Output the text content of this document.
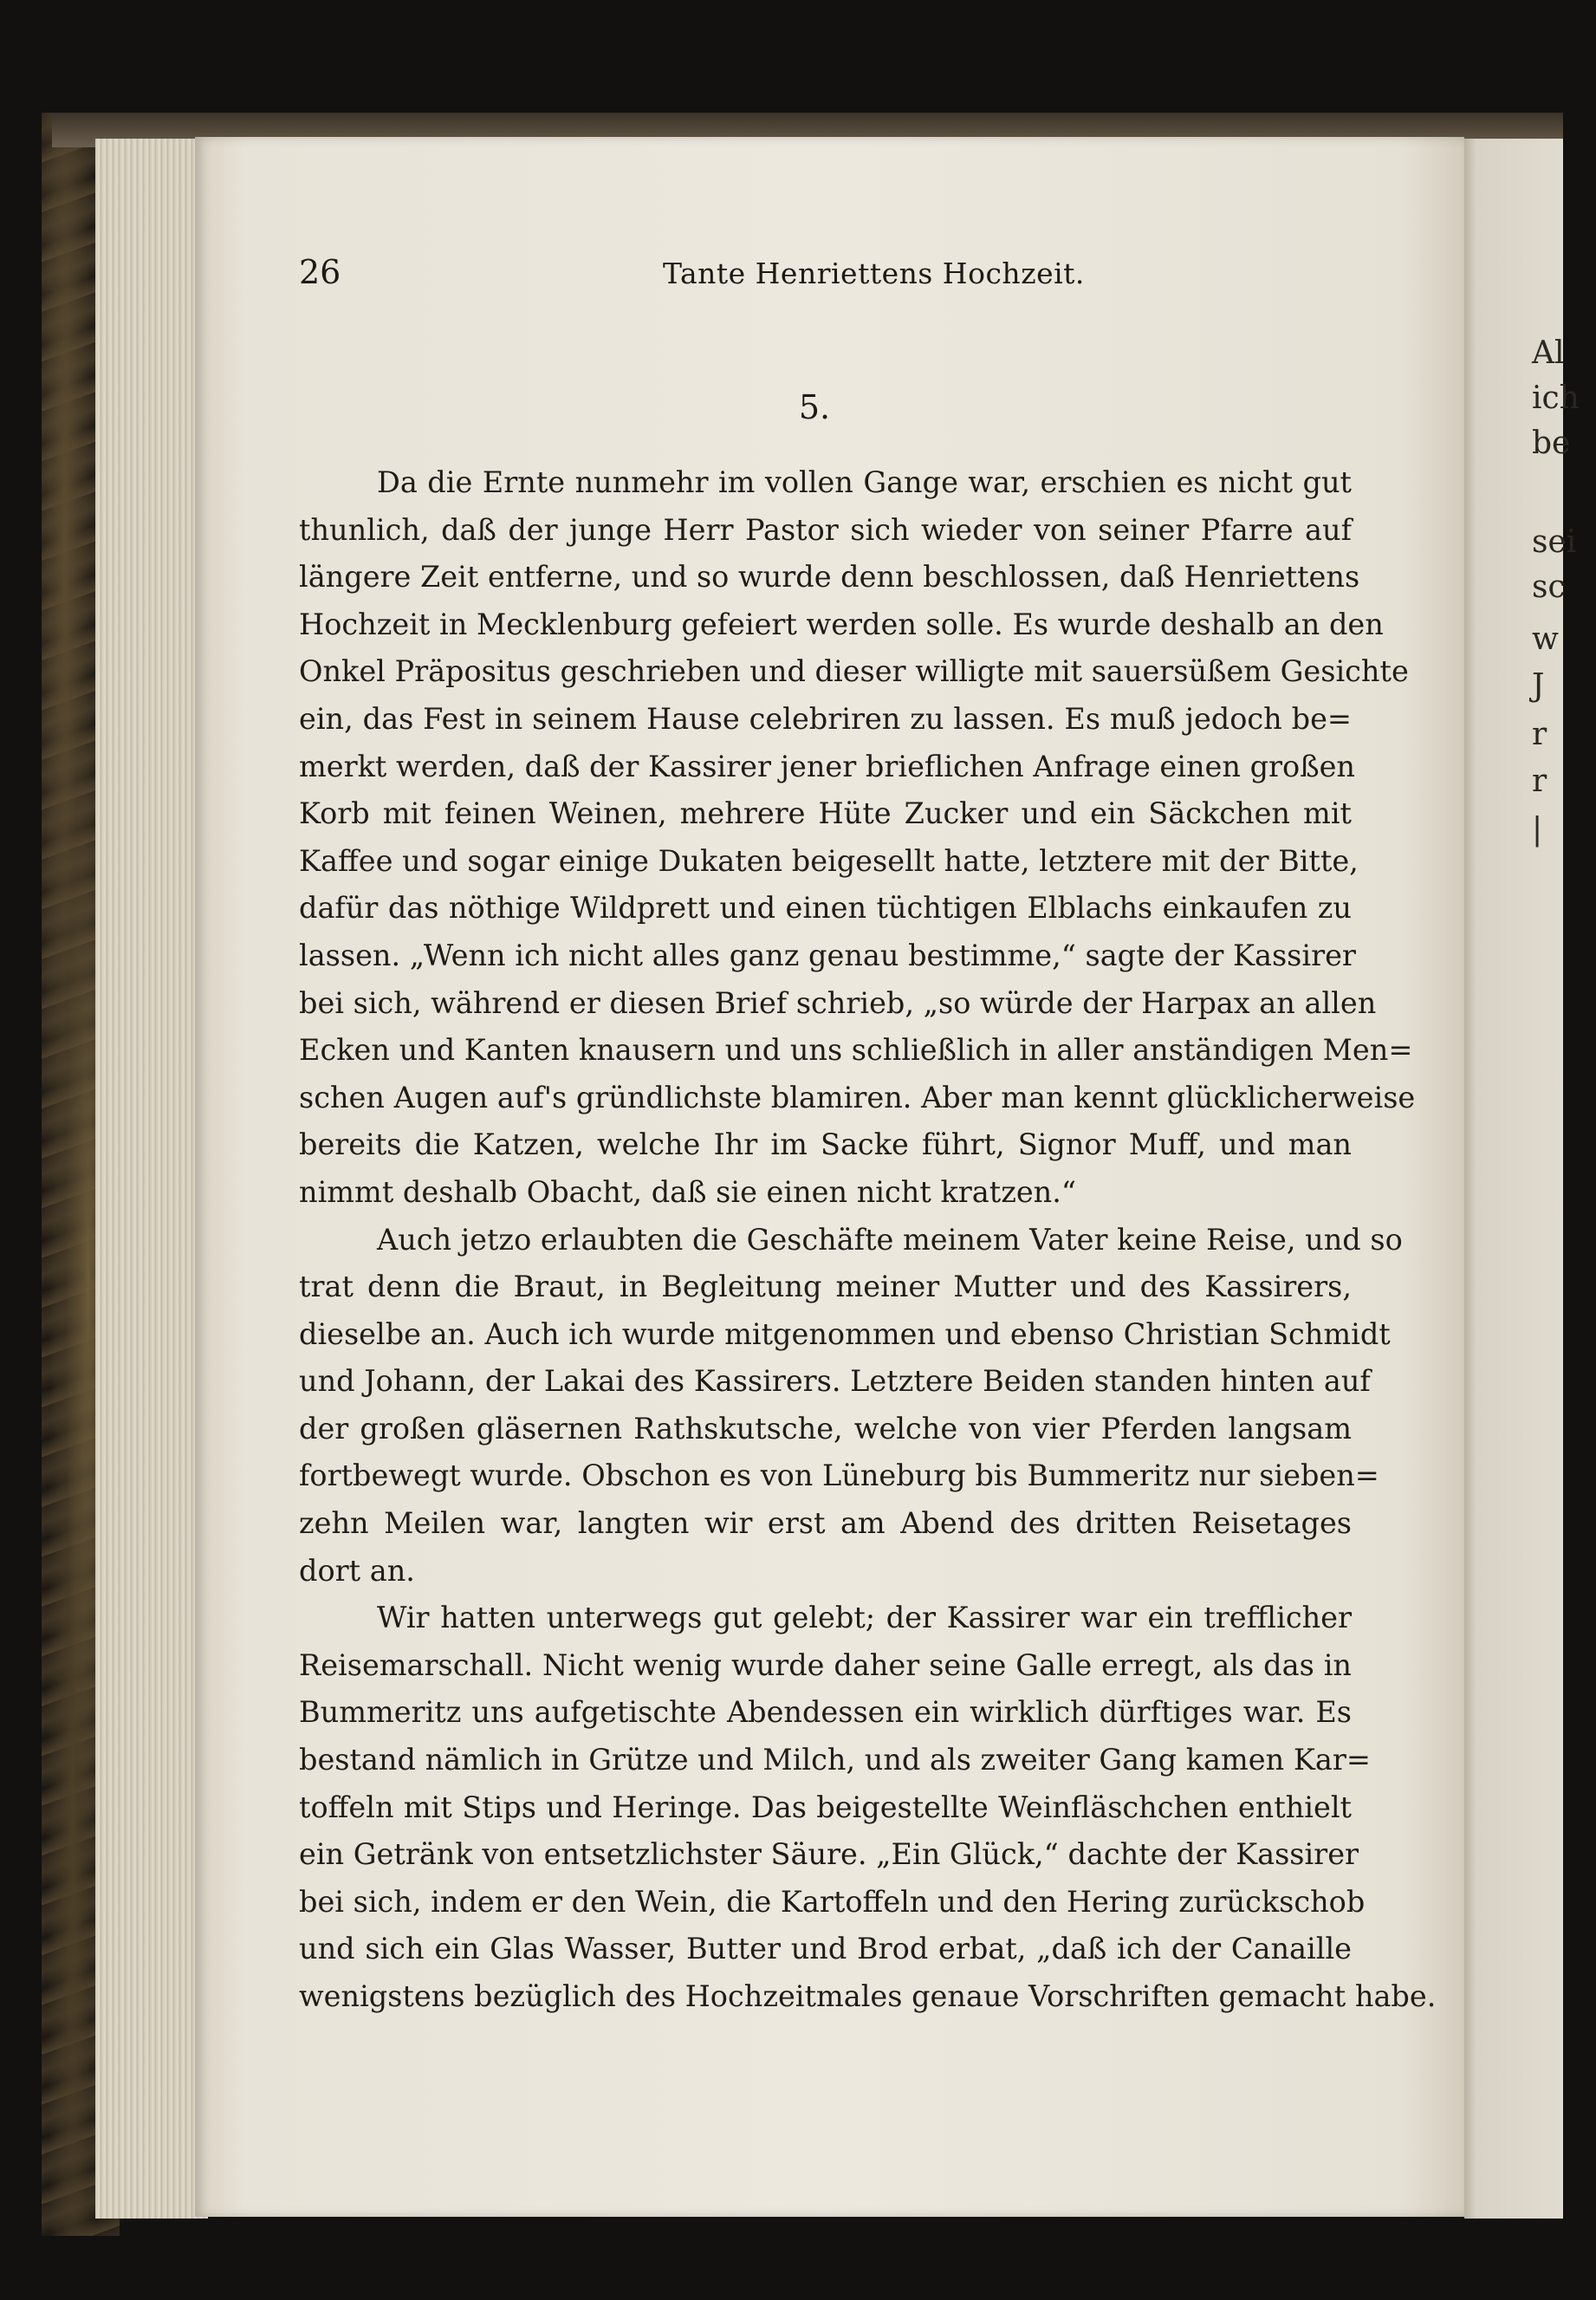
Al
ich
be
sei
sc
w
J
r
r
|
26	Tante Henriettens Hochzeit.
5.
Da die Ernte nunmehr im vollen Gange war, erschien es nicht gut
thunlich, daß der junge Herr Pastor sich wieder von seiner Pfarre auf
längere Zeit entferne, und so wurde denn beschlossen, daß Henriettens
Hochzeit in Mecklenburg gefeiert werden solle. Es wurde deshalb an den
Onkel Präpositus geschrieben und dieser willigte mit sauersüßem Gesichte
ein, das Fest in seinem Hause celebriren zu lassen. Es muß jedoch be=
merkt werden, daß der Kassirer jener brieflichen Anfrage einen großen
Korb mit feinen Weinen, mehrere Hüte Zucker und ein Säckchen mit
Kaffee und sogar einige Dukaten beigesellt hatte, letztere mit der Bitte,
dafür das nöthige Wildprett und einen tüchtigen Elblachs einkaufen zu
lassen. „Wenn ich nicht alles ganz genau bestimme,“ sagte der Kassirer
bei sich, während er diesen Brief schrieb, „so würde der Harpax an allen
Ecken und Kanten knausern und uns schließlich in aller anständigen Men=
schen Augen auf's gründlichste blamiren. Aber man kennt glücklicherweise
bereits die Katzen, welche Ihr im Sacke führt, Signor Muff, und man
nimmt deshalb Obacht, daß sie einen nicht kratzen.“
Auch jetzo erlaubten die Geschäfte meinem Vater keine Reise, und so
trat denn die Braut, in Begleitung meiner Mutter und des Kassirers,
dieselbe an. Auch ich wurde mitgenommen und ebenso Christian Schmidt
und Johann, der Lakai des Kassirers. Letztere Beiden standen hinten auf
der großen gläsernen Rathskutsche, welche von vier Pferden langsam
fortbewegt wurde. Obschon es von Lüneburg bis Bummeritz nur sieben=
zehn Meilen war, langten wir erst am Abend des dritten Reisetages
dort an.
Wir hatten unterwegs gut gelebt; der Kassirer war ein trefflicher
Reisemarschall. Nicht wenig wurde daher seine Galle erregt, als das in
Bummeritz uns aufgetischte Abendessen ein wirklich dürftiges war. Es
bestand nämlich in Grütze und Milch, und als zweiter Gang kamen Kar=
toffeln mit Stips und Heringe. Das beigestellte Weinfläschchen enthielt
ein Getränk von entsetzlichster Säure. „Ein Glück,“ dachte der Kassirer
bei sich, indem er den Wein, die Kartoffeln und den Hering zurückschob
und sich ein Glas Wasser, Butter und Brod erbat, „daß ich der Canaille
wenigstens bezüglich des Hochzeitmales genaue Vorschriften gemacht habe.
